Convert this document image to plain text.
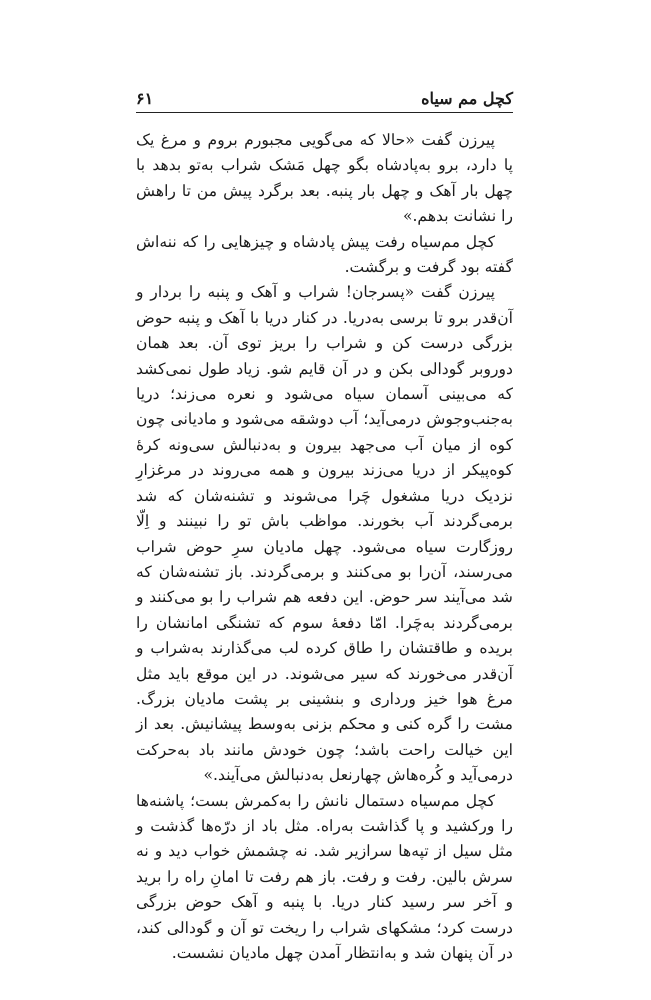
کچل مم سیاه
۶۱

پیرزن گفت «حالا که می‌گویی مجبورم بروم و مرغ یک پا دارد، برو به‌پادشاه بگو چهل مَشک شراب به‌تو بدهد با چهل بار آهک و چهل بار پنبه. بعد برگرد پیش من تا راهش را نشانت بدهم.»

کچل مم‌سیاه رفت پیش پادشاه و چیزهایی را که ننه‌اش گفته بود گرفت و برگشت.

پیرزن گفت «پسرجان! شراب و آهک و پنبه را بردار و آن‌قدر برو تا برسی به‌دریا. در کنار دریا با آهک و پنبه حوض بزرگی درست کن و شراب را بریز توی آن. بعد همان دوروبر گودالی بکن و در آن قایم شو. زیاد طول نمی‌کشد که می‌بینی آسمان سیاه می‌شود و نعره می‌زند؛ دریا به‌جنب‌وجوش درمی‌آید؛ آب دوشقه می‌شود و مادیانی چون کوه از میان آب می‌جهد بیرون و به‌دنبالش سی‌ونه کرهٔ کوه‌پیکر از دریا می‌زند بیرون و همه می‌روند در مرغزارِ نزدیک دریا مشغول چَرا می‌شوند و تشنه‌شان که شد برمی‌گردند آب بخورند. مواظب باش تو را نبینند و اِلّا روزگارت سیاه می‌شود. چهل مادیان سرِ حوض شراب می‌رسند، آن‌را بو می‌کنند و برمی‌گردند. باز تشنه‌شان که شد می‌آیند سر حوض. این دفعه هم شراب را بو می‌کنند و برمی‌گردند به‌چَرا. امّا دفعهٔ سوم که تشنگی امانشان را بریده و طاقتشان را طاق کرده لب می‌گذارند به‌شراب و آن‌قدر می‌خورند که سیر می‌شوند. در این موقع باید مثل مرغ هوا خیز ورداری و بنشینی بر پشت مادیان بزرگ. مشت را گره کنی و محکم بزنی به‌وسط پیشانیش. بعد از این خیالت راحت باشد؛ چون خودش مانند باد به‌حرکت درمی‌آید و کُره‌هاش چهارنعل به‌دنبالش می‌آیند.»

کچل مم‌سیاه دستمال نانش را به‌کمرش بست؛ پاشنه‌ها را ورکشید و پا گذاشت به‌راه. مثل باد از درّه‌ها گذشت و مثل سیل از تپه‌ها سرازیر شد. نه چشمش خواب دید و نه سرش بالین. رفت و رفت. باز هم رفت تا امانِ راه را برید و آخر سر رسید کنار دریا. با پنبه و آهک حوض بزرگی درست کرد؛ مشکهای شراب را ریخت تو آن و گودالی کند، در آن پنهان شد و به‌انتظار آمدن چهل مادیان نشست.
